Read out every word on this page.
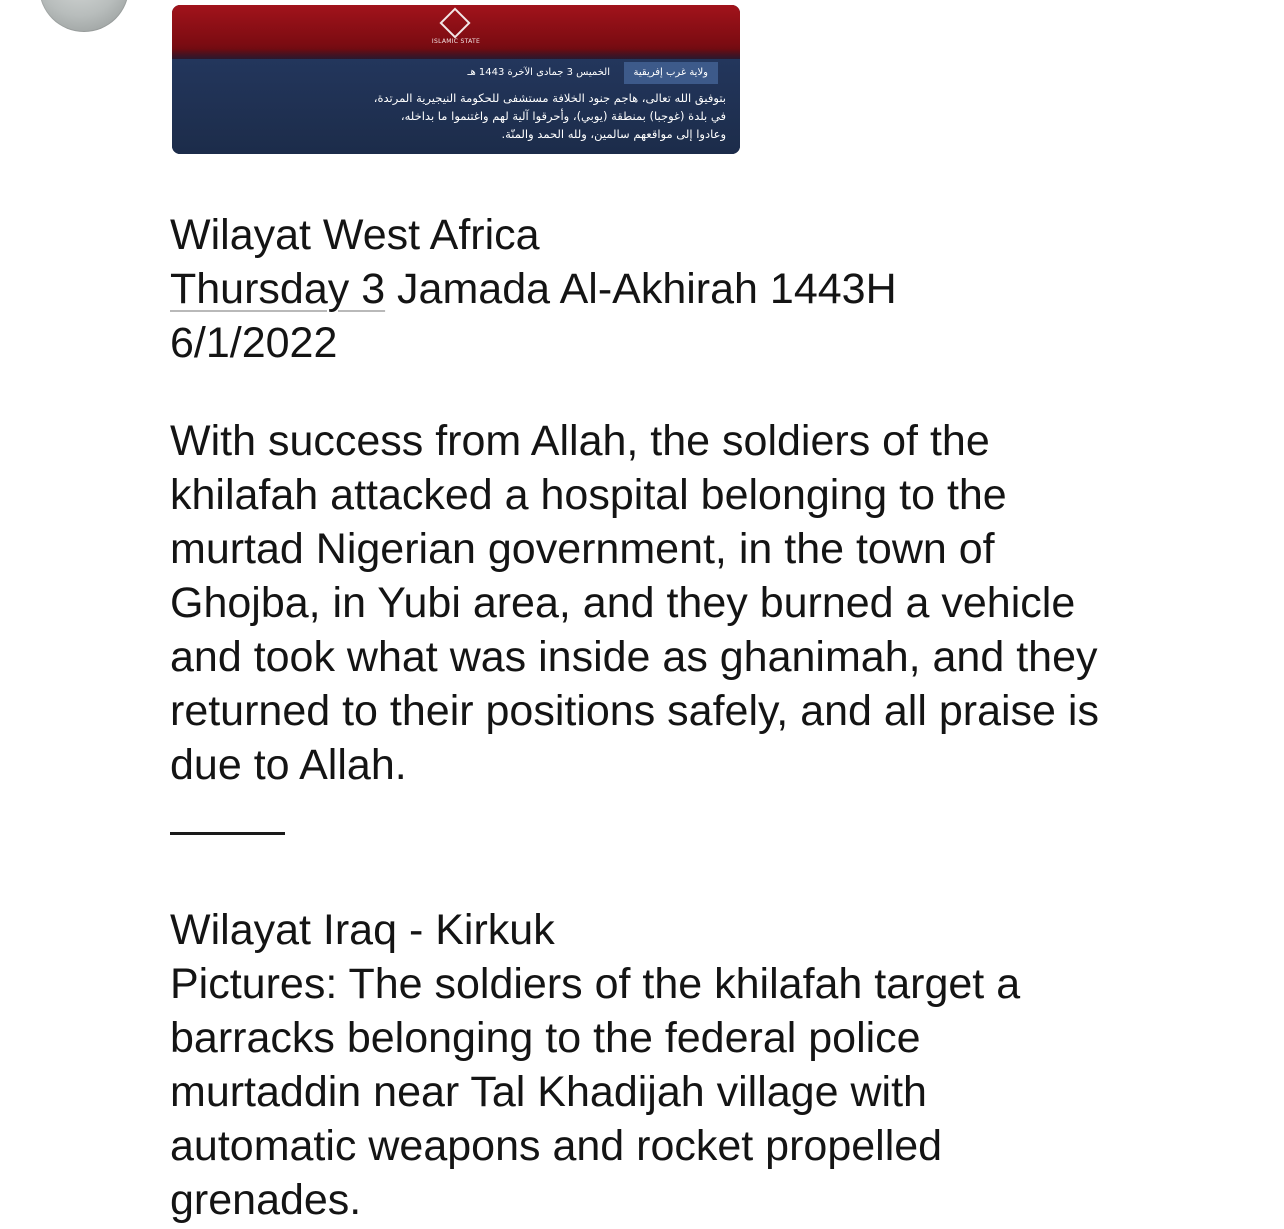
ISLAMIC STATE
ولاية غرب إفريقية
الخميس 3 جمادى الآخرة 1443 هـ
بتوفيق الله تعالى، هاجم جنود الخلافة مستشفى للحكومة النيجيرية المرتدة،
في بلدة (غوجبا) بمنطقة (يوبي)، وأحرقوا آلية لهم واغتنموا ما بداخله،
وعادوا إلى مواقعهم سالمين، ولله الحمد والمنّة.
Wilayat West Africa
Thursday 3 Jamada Al-Akhirah 1443H
6/1/2022
With success from Allah, the soldiers of the
khilafah attacked a hospital belonging to the
murtad Nigerian government, in the town of
Ghojba, in Yubi area, and they burned a vehicle
and took what was inside as ghanimah, and they
returned to their positions safely, and all praise is
due to Allah.
Wilayat Iraq - Kirkuk
Pictures: The soldiers of the khilafah target a
barracks belonging to the federal police
murtaddin near Tal Khadijah village with
automatic weapons and rocket propelled
grenades.
